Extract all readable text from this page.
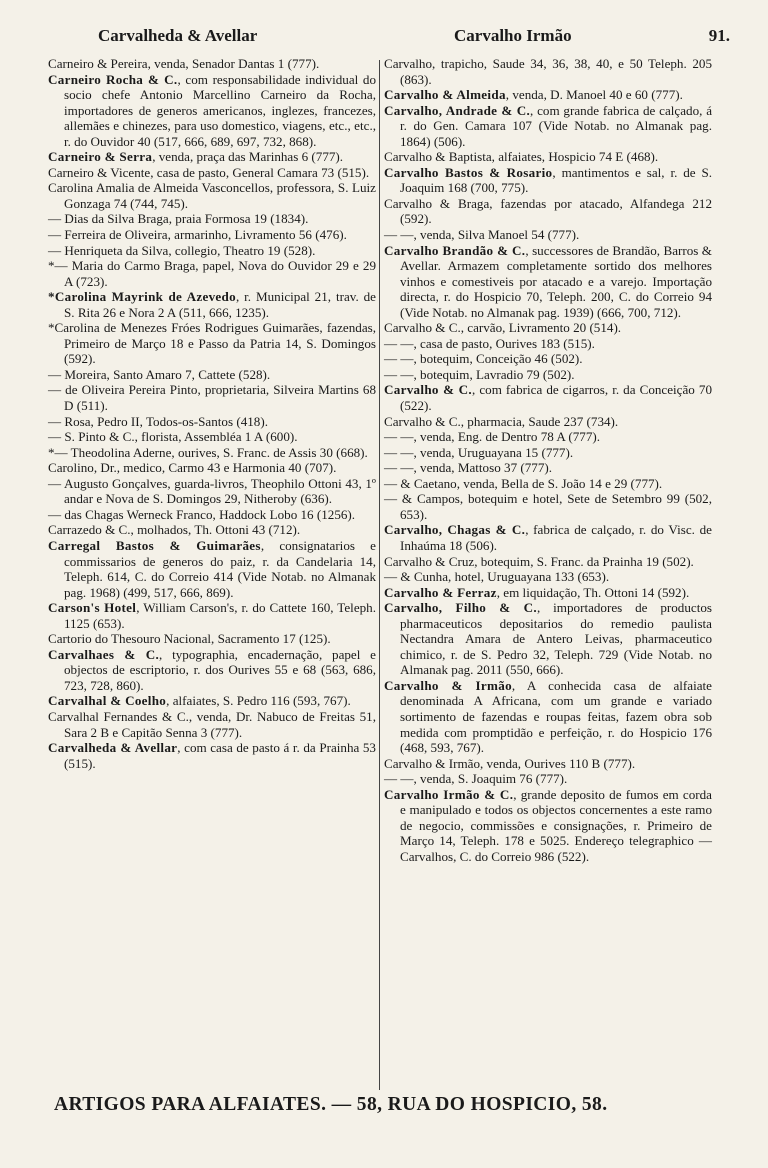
Carvalheda & Avellar	Carvalho Irmão	91.
Carneiro & Pereira, venda, Senador Dantas 1 (777).
Carneiro Rocha & C., com responsabilidade individual do socio chefe Antonio Marcellino Carneiro da Rocha, importadores de generos americanos, inglezes, francezes, allemães e chinezes, para uso domestico, viagens, etc., etc., r. do Ouvidor 40 (517, 666, 689, 697, 732, 868).
Carneiro & Serra, venda, praça das Marinhas 6 (777).
Carneiro & Vicente, casa de pasto, General Camara 73 (515).
Carolina Amalia de Almeida Vasconcellos, professora, S. Luiz Gonzaga 74 (744, 745).
— Dias da Silva Braga, praia Formosa 19 (1834).
— Ferreira de Oliveira, armarinho, Livramento 56 (476).
— Henriqueta da Silva, collegio, Theatro 19 (528).
*— Maria do Carmo Braga, papel, Nova do Ouvidor 29 e 29 A (723).
*Carolina Mayrink de Azevedo, r. Municipal 21, trav. de S. Rita 26 e Nora 2 A (511, 666, 1235).
*Carolina de Menezes Fróes Rodrigues Guimarães, fazendas, Primeiro de Março 18 e Passo da Patria 14, S. Domingos (592).
— Moreira, Santo Amaro 7, Cattete (528).
— de Oliveira Pereira Pinto, proprietaria, Silveira Martins 68 D (511).
— Rosa, Pedro II, Todos-os-Santos (418).
— S. Pinto & C., florista, Assembléa 1 A (600).
*— Theodolina Aderne, ourives, S. Franc. de Assis 30 (668).
Carolino, Dr., medico, Carmo 43 e Harmonia 40 (707).
— Augusto Gonçalves, guarda-livros, Theophilo Ottoni 43, 1º andar e Nova de S. Domingos 29, Nitheroby (636).
— das Chagas Werneck Franco, Haddock Lobo 16 (1256).
Carrazedo & C., molhados, Th. Ottoni 43 (712).
Carregal Bastos & Guimarães, consignatarios e commissarios de generos do paiz, r. da Candelaria 14, Teleph. 614, C. do Correio 414 (Vide Notab. no Almanak pag. 1968) (499, 517, 666, 869).
Carson's Hotel, William Carson's, r. do Cattete 160, Teleph. 1125 (653).
Cartorio do Thesouro Nacional, Sacramento 17 (125).
Carvalhaes & C., typographia, encadernação, papel e objectos de escriptorio, r. dos Ourives 55 e 68 (563, 686, 723, 728, 860).
Carvalhal & Coelho, alfaiates, S. Pedro 116 (593, 767).
Carvalhal Fernandes & C., venda, Dr. Nabuco de Freitas 51, Sara 2 B e Capitão Senna 3 (777).
Carvalheda & Avellar, com casa de pasto á r. da Prainha 53 (515).
Carvalho, trapicho, Saude 34, 36, 38, 40, e 50 Teleph. 205 (863).
Carvalho & Almeida, venda, D. Manoel 40 e 60 (777).
Carvalho, Andrade & C., com grande fabrica de calçado, á r. do Gen. Camara 107 (Vide Notab. no Almanak pag. 1864) (506).
Carvalho & Baptista, alfaiates, Hospicio 74 E (468).
Carvalho Bastos & Rosario, mantimentos e sal, r. de S. Joaquim 168 (700, 775).
Carvalho & Braga, fazendas por atacado, Alfandega 212 (592).
— —, venda, Silva Manoel 54 (777).
Carvalho Brandão & C., successores de Brandão, Barros & Avellar. Armazem completamente sortido dos melhores vinhos e comestiveis por atacado e a varejo. Importação directa, r. do Hospicio 70, Teleph. 200, C. do Correio 94 (Vide Notab. no Almanak pag. 1939) (666, 700, 712).
Carvalho & C., carvão, Livramento 20 (514).
— —, casa de pasto, Ourives 183 (515).
— —, botequim, Conceição 46 (502).
— —, botequim, Lavradio 79 (502).
Carvalho & C., com fabrica de cigarros, r. da Conceição 70 (522).
Carvalho & C., pharmacia, Saude 237 (734).
— —, venda, Eng. de Dentro 78 A (777).
— —, venda, Uruguayana 15 (777).
— —, venda, Mattoso 37 (777).
— & Caetano, venda, Bella de S. João 14 e 29 (777).
— & Campos, botequim e hotel, Sete de Setembro 99 (502, 653).
Carvalho, Chagas & C., fabrica de calçado, r. do Visc. de Inhaúma 18 (506).
Carvalho & Cruz, botequim, S. Franc. da Prainha 19 (502).
— & Cunha, hotel, Uruguayana 133 (653).
Carvalho & Ferraz, em liquidação, Th. Ottoni 14 (592).
Carvalho, Filho & C., importadores de productos pharmaceuticos depositarios do remedio paulista Nectandra Amara de Antero Leivas, pharmaceutico chimico, r. de S. Pedro 32, Teleph. 729 (Vide Notab. no Almanak pag. 2011 (550, 666).
Carvalho & Irmão, A conhecida casa de alfaiate denominada A Africana, com um grande e variado sortimento de fazendas e roupas feitas, fazem obra sob medida com promptidão e perfeição, r. do Hospicio 176 (468, 593, 767).
Carvalho & Irmão, venda, Ourives 110 B (777).
— —, venda, S. Joaquim 76 (777).
Carvalho Irmão & C., grande deposito de fumos em corda e manipulado e todos os objectos concernentes a este ramo de negocio, commissões e consignações, r. Primeiro de Março 14, Teleph. 178 e 5025. Endereço telegraphico —Carvalhos, C. do Correio 986 (522).
ARTIGOS PARA ALFAIATES. — 58, RUA DO HOSPICIO, 58.
